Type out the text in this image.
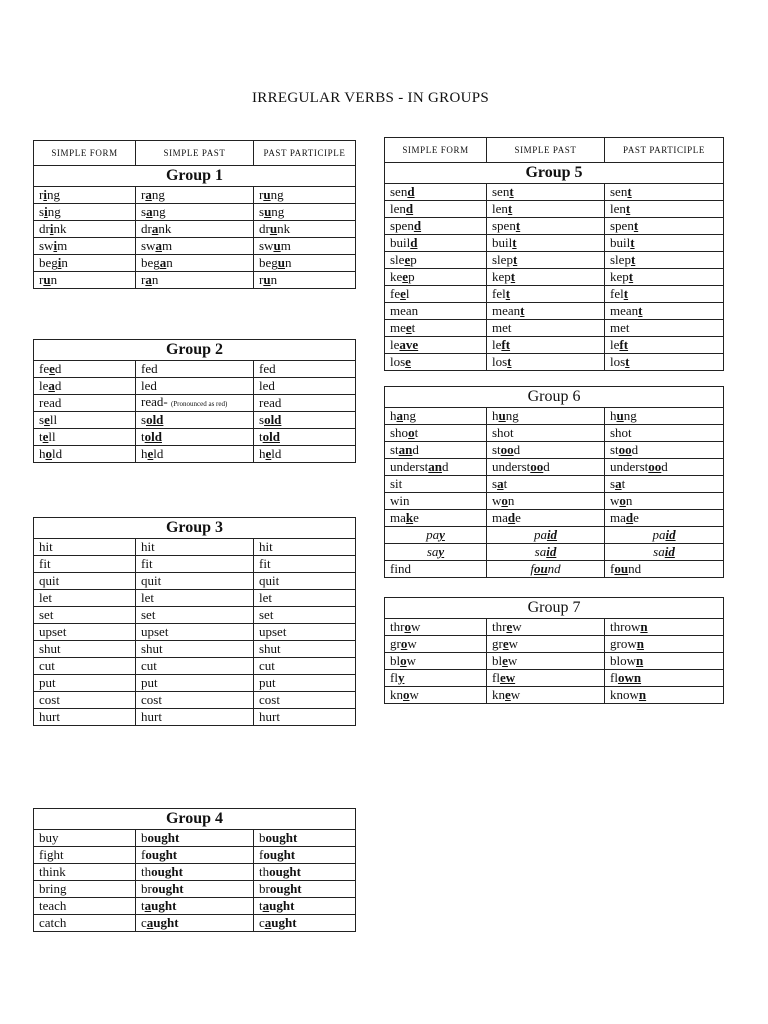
IRREGULAR VERBS - IN GROUPS
SIMPLE FORM	SIMPLE PAST	PAST PARTICIPLE
Group 1		
ring	rang	rung
sing	sang	sung
drink	drank	drunk
swim	swam	swum
begin	began	begun
run	ran	run
Group 2		
feed	fed	fed
lead	led	led
read	read- (Pronounced as red)	read
sell	sold	sold
tell	told	told
hold	held	held
Group 3		
hit	hit	hit
fit	fit	fit
quit	quit	quit
let	let	let
set	set	set
upset	upset	upset
shut	shut	shut
cut	cut	cut
put	put	put
cost	cost	cost
hurt	hurt	hurt
Group 4		
buy	bought	bought
fight	fought	fought
think	thought	thought
bring	brought	brought
teach	taught	taught
catch	caught	caught
SIMPLE FORM	SIMPLE PAST	PAST PARTICIPLE
Group 5		
send	sent	sent
lend	lent	lent
spend	spent	spent
build	built	built
sleep	slept	slept
keep	kept	kept
feel	felt	felt
mean	meant	meant
meet	met	met
leave	left	left
lose	lost	lost
Group 6		
hang	hung	hung
shoot	shot	shot
stand	stood	stood
understand	understood	understood
sit	sat	sat
win	won	won
make	made	made
pay	paid	paid
say	said	said
find	found	found
Group 7		
throw	threw	thrown
grow	grew	grown
blow	blew	blown
fly	flew	flown
know	knew	known
